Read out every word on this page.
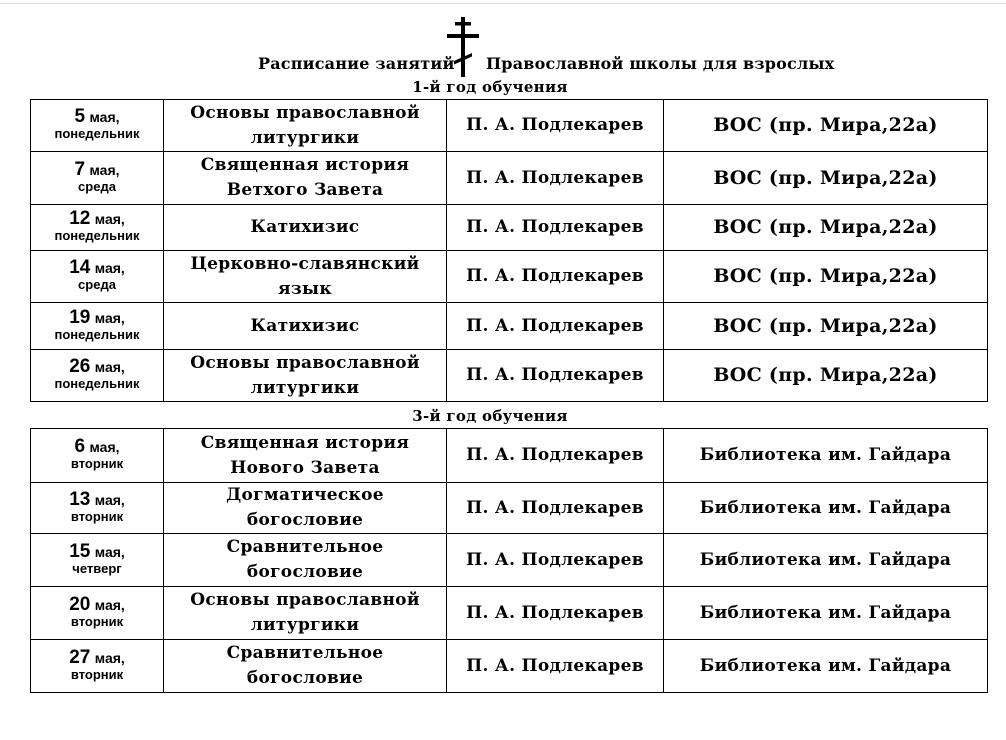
Расписание занятий Православной школы для взрослых
1-й год обучения
5 мая,
понедельник	Основы православной литургики	П. А. Подлекарев	ВОС (пр. Мира,22а)
7 мая,
среда	Священная история Ветхого Завета	П. А. Подлекарев	ВОС (пр. Мира,22а)
12 мая,
понедельник	Катихизис	П. А. Подлекарев	ВОС (пр. Мира,22а)
14 мая,
среда	Церковно-славянский язык	П. А. Подлекарев	ВОС (пр. Мира,22а)
19 мая,
понедельник	Катихизис	П. А. Подлекарев	ВОС (пр. Мира,22а)
26 мая,
понедельник	Основы православной литургики	П. А. Подлекарев	ВОС (пр. Мира,22а)
3-й год обучения
6 мая,
вторник	Священная история Нового Завета	П. А. Подлекарев	Библиотека им. Гайдара
13 мая,
вторник	Догматическое богословие	П. А. Подлекарев	Библиотека им. Гайдара
15 мая,
четверг	Сравнительное богословие	П. А. Подлекарев	Библиотека им. Гайдара
20 мая,
вторник	Основы православной литургики	П. А. Подлекарев	Библиотека им. Гайдара
27 мая,
вторник	Сравнительное богословие	П. А. Подлекарев	Библиотека им. Гайдара
